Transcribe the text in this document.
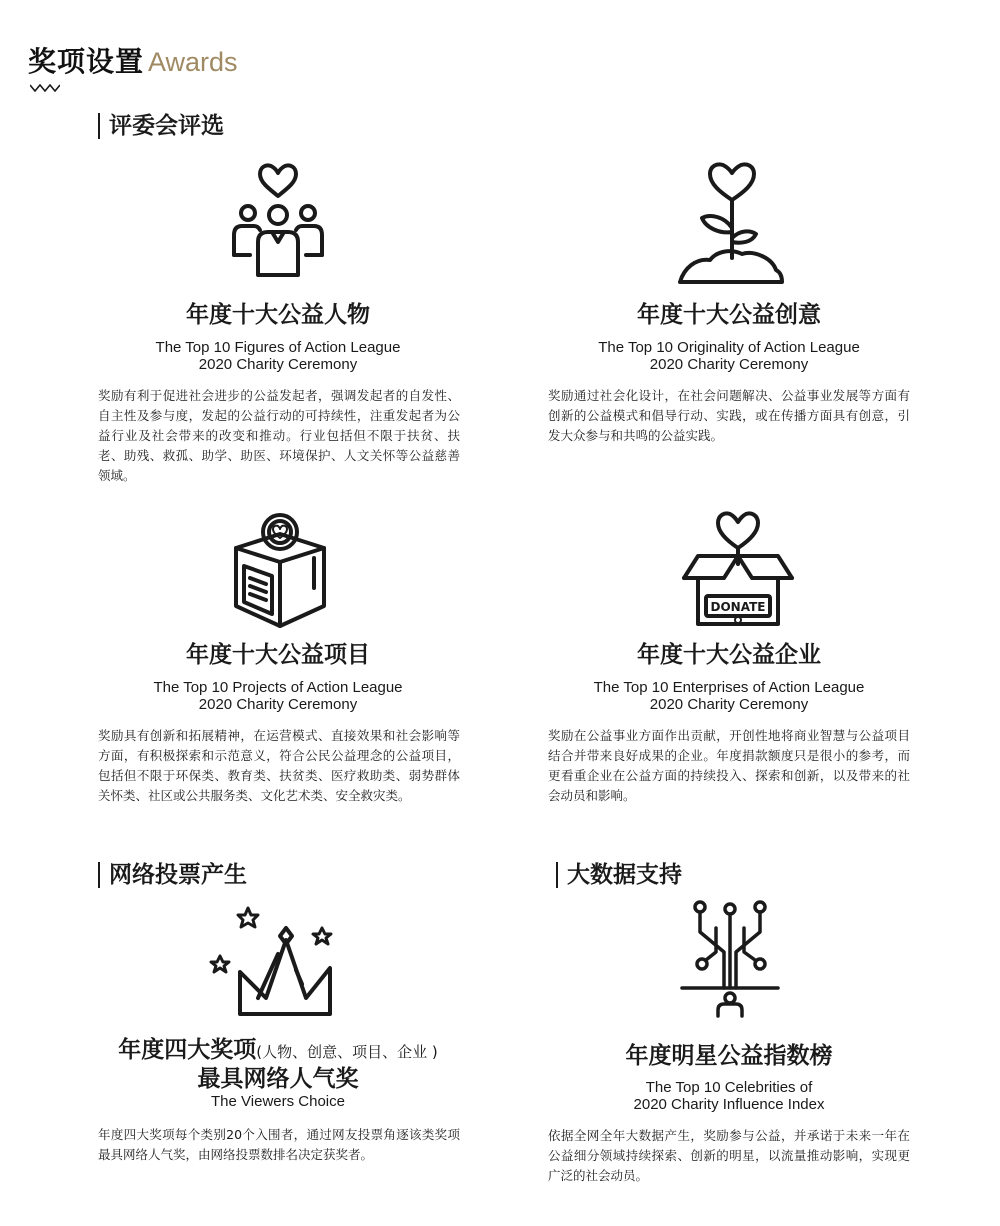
奖项设置 Awards
评委会评选
年度十大公益人物
The Top 10 Figures of Action League
2020 Charity Ceremony
奖励有利于促进社会进步的公益发起者，强调发起者的自发性、自主性及参与度，发起的公益行动的可持续性，注重发起者为公益行业及社会带来的改变和推动。行业包括但不限于扶贫、扶老、助残、救孤、助学、助医、环境保护、人文关怀等公益慈善领域。
年度十大公益创意
The Top 10 Originality of Action League
2020 Charity Ceremony
奖励通过社会化设计，在社会问题解决、公益事业发展等方面有创新的公益模式和倡导行动、实践，或在传播方面具有创意，引发大众参与和共鸣的公益实践。
年度十大公益项目
The Top 10 Projects of Action League
2020 Charity Ceremony
奖励具有创新和拓展精神，在运营模式、直接效果和社会影响等方面，有积极探索和示范意义，符合公民公益理念的公益项目，包括但不限于环保类、教育类、扶贫类、医疗救助类、弱势群体关怀类、社区或公共服务类、文化艺术类、安全救灾类。
DONATE
年度十大公益企业
The Top 10 Enterprises of Action League
2020 Charity Ceremony
奖励在公益事业方面作出贡献，开创性地将商业智慧与公益项目结合并带来良好成果的企业。年度捐款额度只是很小的参考，而更看重企业在公益方面的持续投入、探索和创新，以及带来的社会动员和影响。
网络投票产生	大数据支持
年度四大奖项(人物、创意、项目、企业 )
最具网络人气奖
The Viewers Choice
年度四大奖项每个类别20个入围者，通过网友投票角逐该类奖项最具网络人气奖，由网络投票数排名决定获奖者。
年度明星公益指数榜
The Top 10 Celebrities of
2020 Charity Influence Index
依据全网全年大数据产生，奖励参与公益，并承诺于未来一年在公益细分领域持续探索、创新的明星，以流量推动影响，实现更广泛的社会动员。
